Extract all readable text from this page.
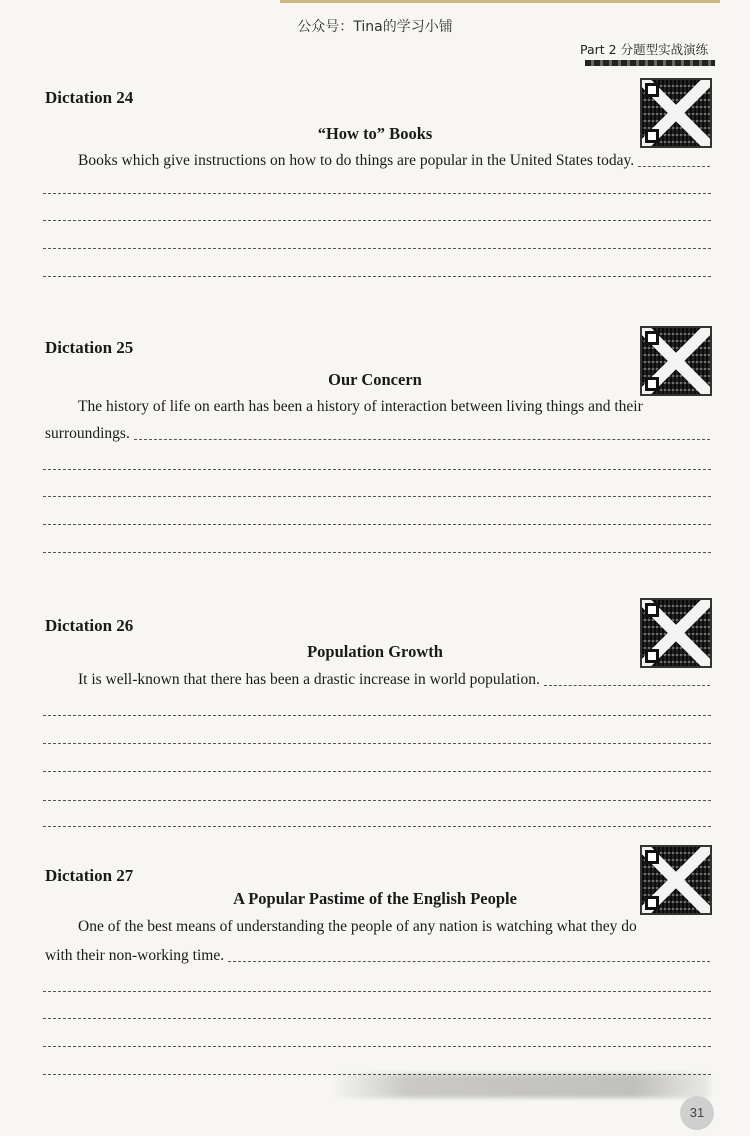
公众号：Tina的学习小铺
Part 2 分题型实战演练
Dictation 24
“How to” Books
Books which give instructions on how to do things are popular in the United States today.
Dictation 25
Our Concern
The history of life on earth has been a history of interaction between living things and their
surroundings.
Dictation 26
Population Growth
It is well-known that there has been a drastic increase in world population.
Dictation 27
A Popular Pastime of the English People
One of the best means of understanding the people of any nation is watching what they do
with their non-working time.
31
